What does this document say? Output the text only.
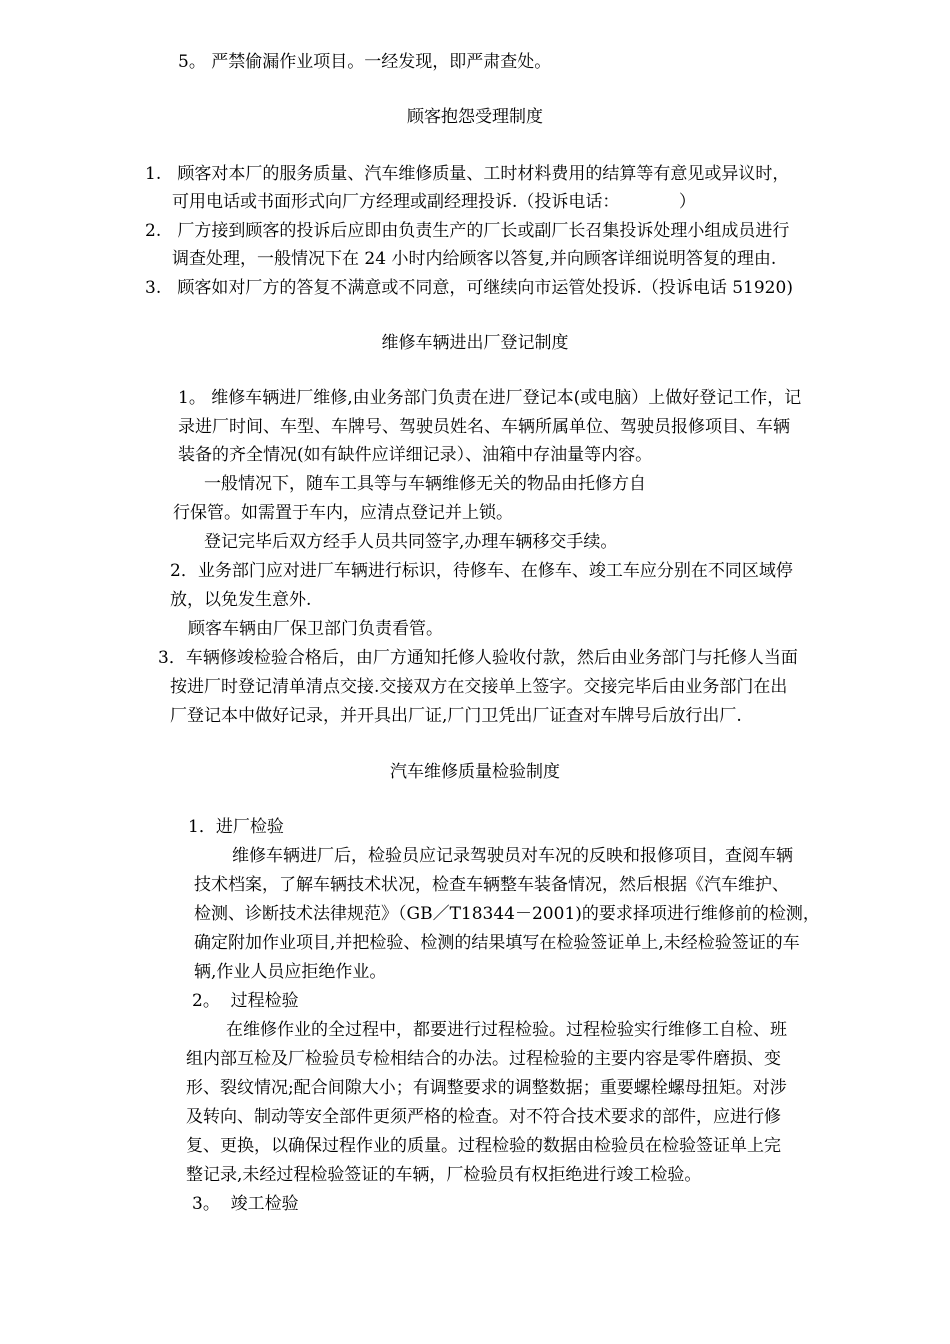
5。 严禁偷漏作业项目。一经发现，即严肃查处。
顾客抱怨受理制度
1.   顾客对本厂的服务质量、汽车维修质量、工时材料费用的结算等有意见或异议时，
可用电话或书面形式向厂方经理或副经理投诉.（投诉电话：           ）
2.   厂方接到顾客的投诉后应即由负责生产的厂长或副厂长召集投诉处理小组成员进行
调查处理，一般情况下在 24 小时内给顾客以答复,并向顾客详细说明答复的理由.
3.   顾客如对厂方的答复不满意或不同意，可继续向市运管处投诉.（投诉电话 51920)
维修车辆进出厂登记制度
1。 维修车辆进厂维修,由业务部门负责在进厂登记本(或电脑）上做好登记工作，记
录进厂时间、车型、车牌号、驾驶员姓名、车辆所属单位、驾驶员报修项目、车辆
装备的齐全情况(如有缺件应详细记录）、油箱中存油量等内容。
一般情况下，随车工具等与车辆维修无关的物品由托修方自
行保管。如需置于车内，应清点登记并上锁。
登记完毕后双方经手人员共同签字,办理车辆移交手续。
2．业务部门应对进厂车辆进行标识，待修车、在修车、竣工车应分别在不同区域停
放，以免发生意外.
顾客车辆由厂保卫部门负责看管。
3．车辆修竣检验合格后，由厂方通知托修人验收付款，然后由业务部门与托修人当面
按进厂时登记清单清点交接.交接双方在交接单上签字。交接完毕后由业务部门在出
厂登记本中做好记录，并开具出厂证,厂门卫凭出厂证查对车牌号后放行出厂.
汽车维修质量检验制度
1．进厂检验
维修车辆进厂后，检验员应记录驾驶员对车况的反映和报修项目，查阅车辆
技术档案，了解车辆技术状况，检查车辆整车装备情况，然后根据《汽车维护、
检测、诊断技术法律规范》（GB／T18344－2001)的要求择项进行维修前的检测，
确定附加作业项目,并把检验、检测的结果填写在检验签证单上,未经检验签证的车
辆,作业人员应拒绝作业。
2。  过程检验
在维修作业的全过程中，都要进行过程检验。过程检验实行维修工自检、班
组内部互检及厂检验员专检相结合的办法。过程检验的主要内容是零件磨损、变
形、裂纹情况;配合间隙大小；有调整要求的调整数据；重要螺栓螺母扭矩。对涉
及转向、制动等安全部件更须严格的检查。对不符合技术要求的部件，应进行修
复、更换，以确保过程作业的质量。过程检验的数据由检验员在检验签证单上完
整记录,未经过程检验签证的车辆，厂检验员有权拒绝进行竣工检验。
3。  竣工检验
